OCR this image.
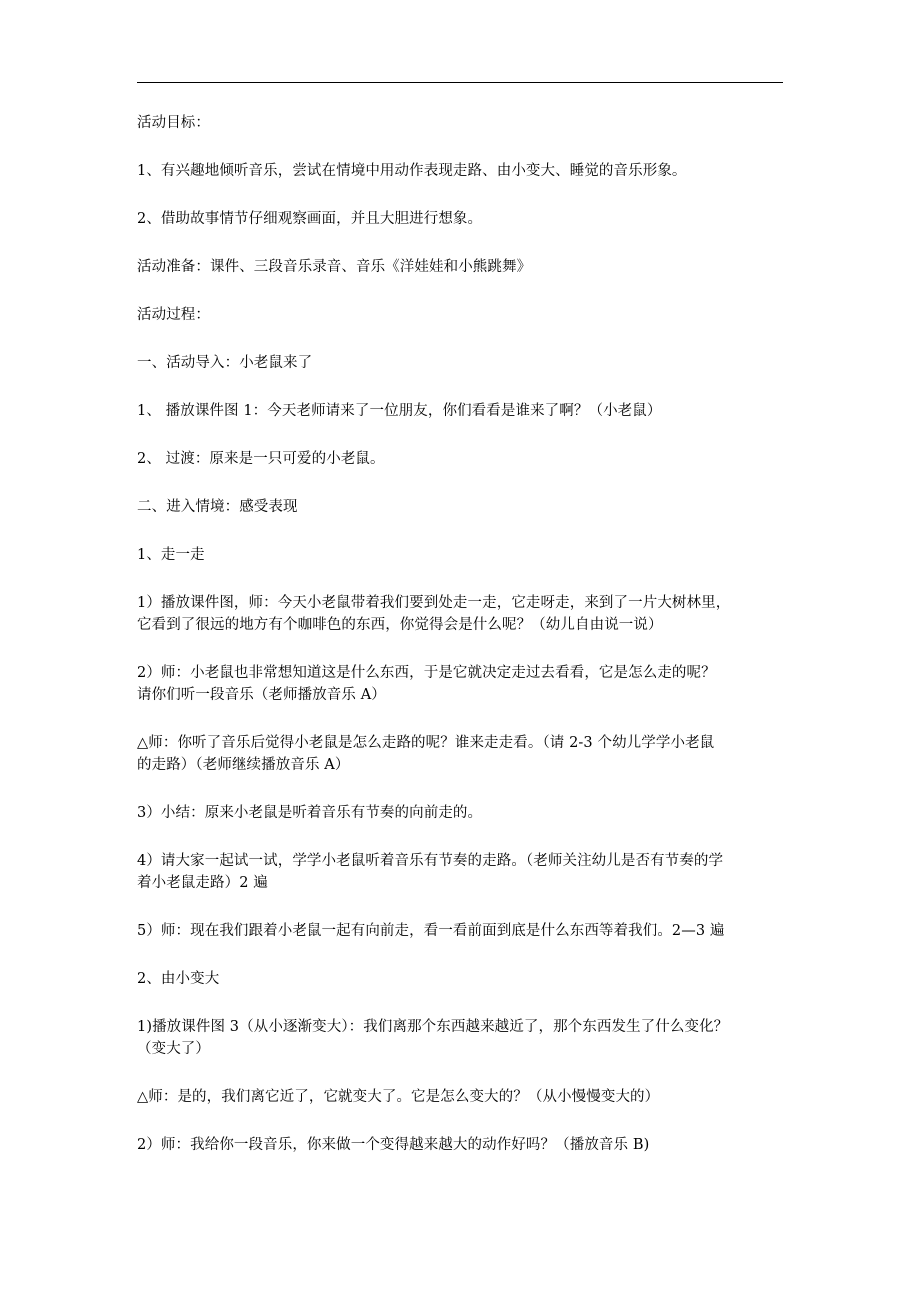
活动目标：
1、有兴趣地倾听音乐，尝试在情境中用动作表现走路、由小变大、睡觉的音乐形象。
2、借助故事情节仔细观察画面，并且大胆进行想象。
活动准备：课件、三段音乐录音、音乐《洋娃娃和小熊跳舞》
活动过程：
一、活动导入：小老鼠来了
1、 播放课件图 1：今天老师请来了一位朋友，你们看看是谁来了啊？（小老鼠）
2、 过渡：原来是一只可爱的小老鼠。
二、进入情境：感受表现
1、走一走
1）播放课件图，师：今天小老鼠带着我们要到处走一走，它走呀走，来到了一片大树林里，
它看到了很远的地方有个咖啡色的东西，你觉得会是什么呢？（幼儿自由说一说）
2）师：小老鼠也非常想知道这是什么东西，于是它就决定走过去看看，它是怎么走的呢？
请你们听一段音乐（老师播放音乐 A）
△师：你听了音乐后觉得小老鼠是怎么走路的呢？谁来走走看。（请 2-3 个幼儿学学小老鼠
的走路）（老师继续播放音乐 A）
3）小结：原来小老鼠是听着音乐有节奏的向前走的。
4）请大家一起试一试，学学小老鼠听着音乐有节奏的走路。（老师关注幼儿是否有节奏的学
着小老鼠走路）2 遍
5）师：现在我们跟着小老鼠一起有向前走，看一看前面到底是什么东西等着我们。2—3 遍
2、由小变大
1)播放课件图 3（从小逐渐变大）：我们离那个东西越来越近了，那个东西发生了什么变化？
（变大了）
△师：是的，我们离它近了，它就变大了。它是怎么变大的？（从小慢慢变大的）
2）师：我给你一段音乐，你来做一个变得越来越大的动作好吗？（播放音乐 B)
